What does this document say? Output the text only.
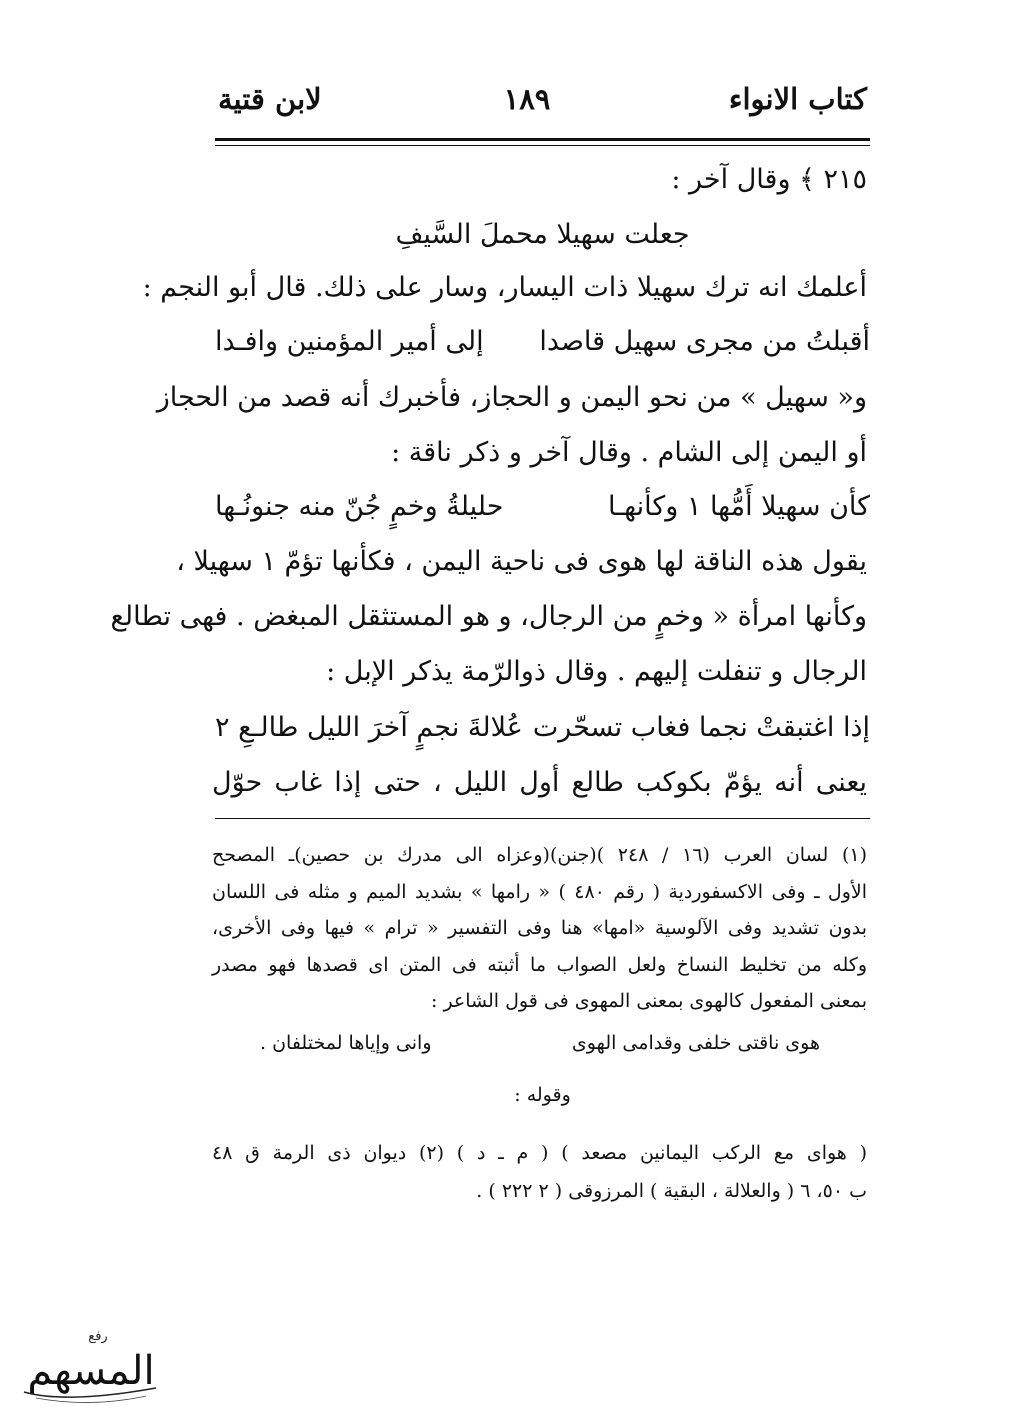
كتاب الانواء
١٨٩
لابن قتية
٢١٥ ﴾ وقال آخر :
جعلت سهيلا محملَ السَّيفِ
أعلمك انه ترك سهيلا ذات اليسار، وسار على ذلك. قال أبو النجم :
أقبلتُ من مجرى سهيل قاصدا
إلى أمير المؤمنين وافـدا
و« سهيل » من نحو اليمن و الحجاز، فأخبرك أنه قصد من الحجاز
أو اليمن إلى الشام . وقال آخر و ذكر ناقة :
كأن سهيلا أَمُّها ١ وكأنهـا
حليلةُ وخمٍ جُنّ منه جنونُـها
يقول هذه الناقة لها هوى فى ناحية اليمن ، فكأنها تؤمّ ١ سهيلا ،
وكأنها امرأة « وخمٍ من الرجال، و هو المستثقل المبغض . فهى تطالع
الرجال و تنفلت إليهم . وقال ذوالرّمة يذكر الإبل :
إذا اغتبقتْ نجما فغاب تسحّرت
عُلالةَ نجمٍ آخرَ الليل طالـعِ ٢
يعنى أنه يؤمّ بكوكب طالع أول الليل ، حتى إذا غاب حوّل
(١) لسان العرب (١٦ / ٢٤٨ )(جنن)(وعزاه الى مدرك بن حصين)ـ المصحح
الأول ـ وفى الاكسفوردية ( رقم ٤٨٠ ) « رامها » بشديد الميم و مثله فى اللسان
بدون تشديد وفى الآلوسية «امها» هنا وفى التفسير « ترام » فيها وفى الأخرى،
وكله من تخليط النساخ ولعل الصواب ما أثبته فى المتن اى قصدها فهو مصدر
بمعنى المفعول كالهوى بمعنى المهوى فى قول الشاعر :
هوى ناقتى خلفى وقدامى الهوى
وانى وإياها لمختلفان .
وقوله :
( هواى مع الركب اليمانين مصعد ) ( م ـ د ) (٢) ديوان ذى الرمة ق ٤٨
ب ٥٠، ٦ ( والعلالة ، البقية ) المرزوقى ( ٢ ٢٢٢ ) .
رفع
المسهم
